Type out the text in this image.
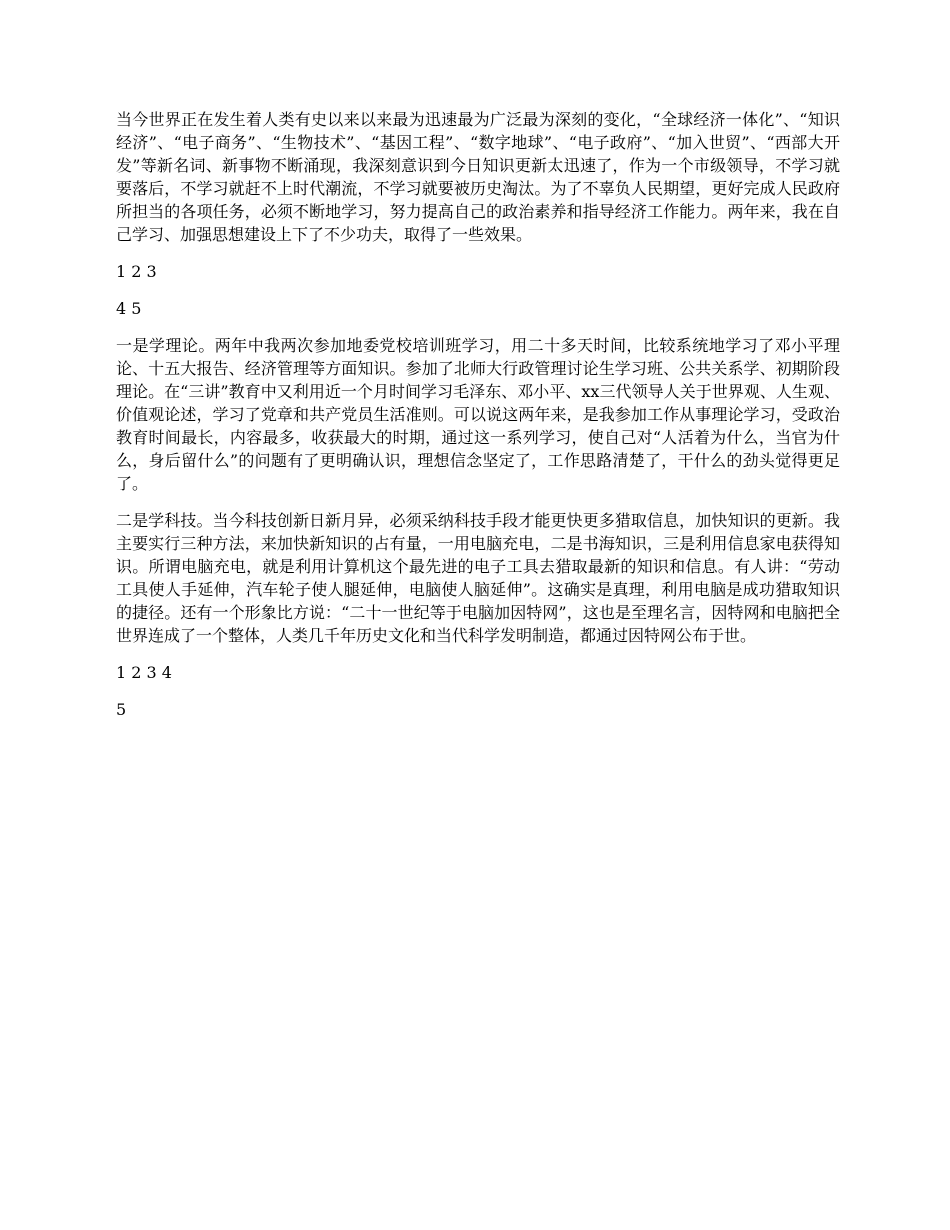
当今世界正在发生着人类有史以来以来最为迅速最为广泛最为深刻的变化，“全球经济一体化”、“知识经济”、“电子商务”、“生物技术”、“基因工程”、“数字地球”、“电子政府”、“加入世贸”、“西部大开发”等新名词、新事物不断涌现，我深刻意识到今日知识更新太迅速了，作为一个市级领导，不学习就要落后，不学习就赶不上时代潮流，不学习就要被历史淘汰。为了不辜负人民期望，更好完成人民政府所担当的各项任务，必须不断地学习，努力提高自己的政治素养和指导经济工作能力。两年来，我在自己学习、加强思想建设上下了不少功夫，取得了一些效果。

1 2 3

4 5

一是学理论。两年中我两次参加地委党校培训班学习，用二十多天时间，比较系统地学习了邓小平理论、十五大报告、经济管理等方面知识。参加了北师大行政管理讨论生学习班、公共关系学、初期阶段理论。在“三讲”教育中又利用近一个月时间学习毛泽东、邓小平、xx三代领导人关于世界观、人生观、价值观论述，学习了党章和共产党员生活准则。可以说这两年来，是我参加工作从事理论学习，受政治教育时间最长，内容最多，收获最大的时期，通过这一系列学习，使自己对“人活着为什么，当官为什么，身后留什么”的问题有了更明确认识，理想信念坚定了，工作思路清楚了，干什么的劲头觉得更足了。

二是学科技。当今科技创新日新月异，必须采纳科技手段才能更快更多猎取信息，加快知识的更新。我主要实行三种方法，来加快新知识的占有量，一用电脑充电，二是书海知识，三是利用信息家电获得知识。所谓电脑充电，就是利用计算机这个最先进的电子工具去猎取最新的知识和信息。有人讲：“劳动工具使人手延伸，汽车轮子使人腿延伸，电脑使人脑延伸”。这确实是真理，利用电脑是成功猎取知识的捷径。还有一个形象比方说：“二十一世纪等于电脑加因特网”，这也是至理名言，因特网和电脑把全世界连成了一个整体，人类几千年历史文化和当代科学发明制造，都通过因特网公布于世。

1 2 3 4

5
